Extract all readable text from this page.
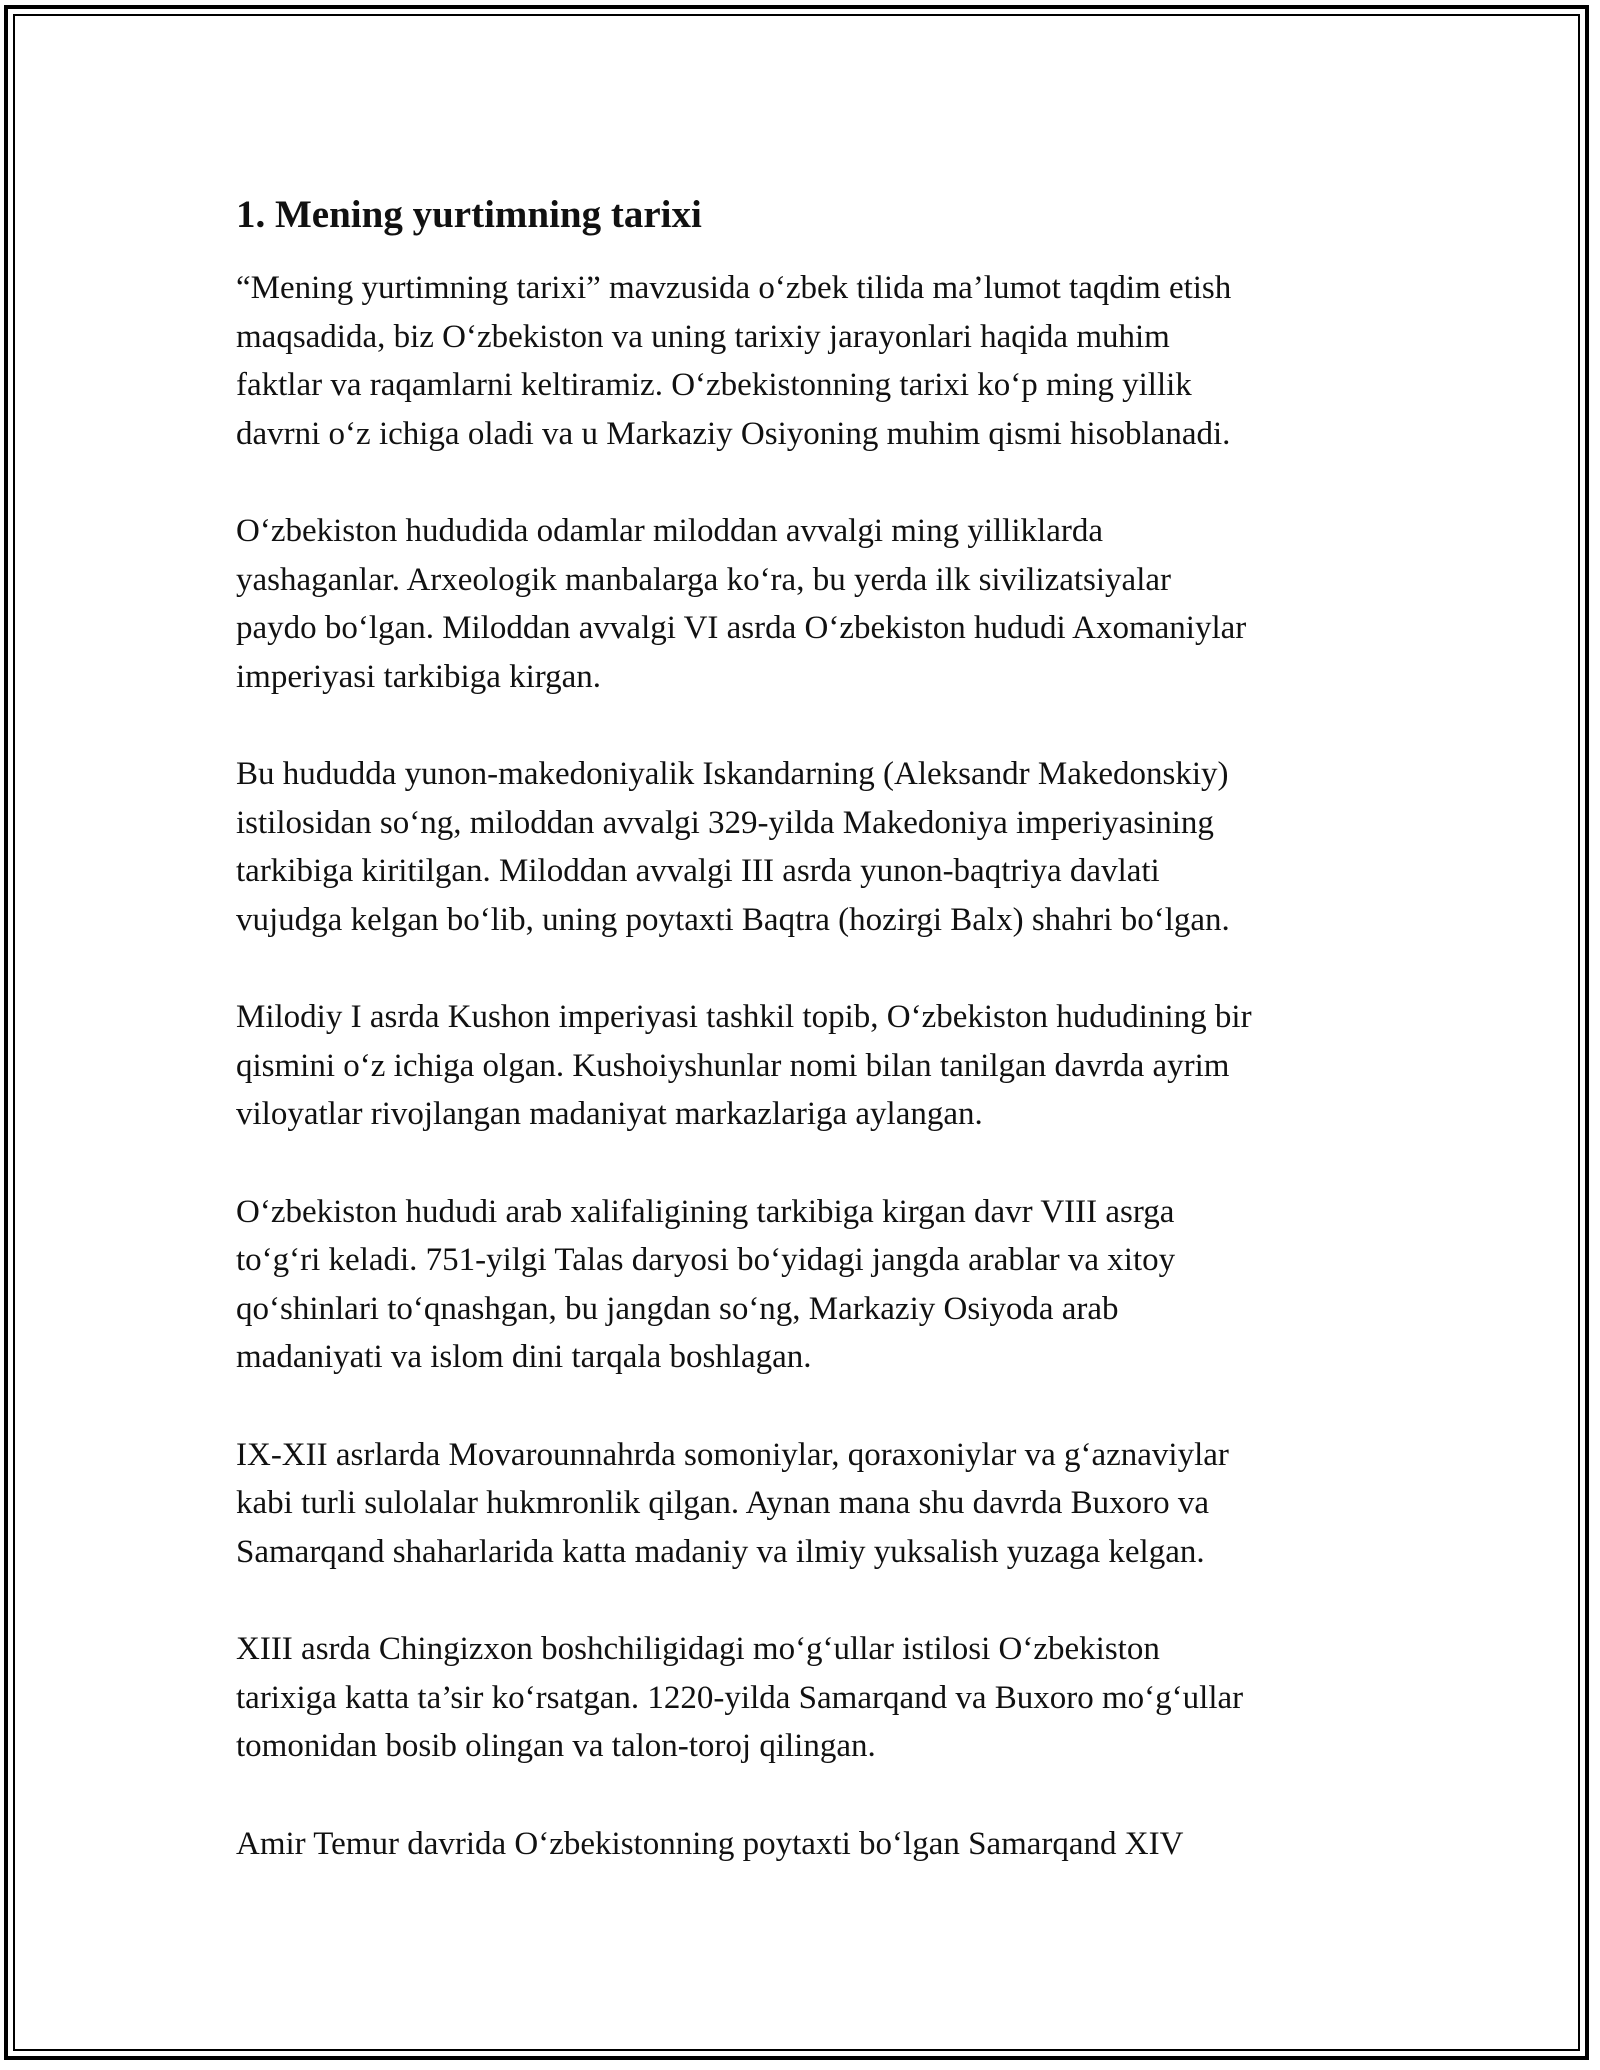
1. Mening yurtimning tarixi

“Mening yurtimning tarixi” mavzusida o‘zbek tilida ma’lumot taqdim etish
maqsadida, biz O‘zbekiston va uning tarixiy jarayonlari haqida muhim
faktlar va raqamlarni keltiramiz. O‘zbekistonning tarixi ko‘p ming yillik
davrni o‘z ichiga oladi va u Markaziy Osiyoning muhim qismi hisoblanadi.

O‘zbekiston hududida odamlar miloddan avvalgi ming yilliklarda
yashaganlar. Arxeologik manbalarga ko‘ra, bu yerda ilk sivilizatsiyalar
paydo bo‘lgan. Miloddan avvalgi VI asrda O‘zbekiston hududi Axomaniylar
imperiyasi tarkibiga kirgan.

Bu hududda yunon-makedoniyalik Iskandarning (Aleksandr Makedonskiy)
istilosidan so‘ng, miloddan avvalgi 329-yilda Makedoniya imperiyasining
tarkibiga kiritilgan. Miloddan avvalgi III asrda yunon-baqtriya davlati
vujudga kelgan bo‘lib, uning poytaxti Baqtra (hozirgi Balx) shahri bo‘lgan.

Milodiy I asrda Kushon imperiyasi tashkil topib, O‘zbekiston hududining bir
qismini o‘z ichiga olgan. Kushoiyshunlar nomi bilan tanilgan davrda ayrim
viloyatlar rivojlangan madaniyat markazlariga aylangan.

O‘zbekiston hududi arab xalifaligining tarkibiga kirgan davr VIII asrga
to‘g‘ri keladi. 751-yilgi Talas daryosi bo‘yidagi jangda arablar va xitoy
qo‘shinlari to‘qnashgan, bu jangdan so‘ng, Markaziy Osiyoda arab
madaniyati va islom dini tarqala boshlagan.

IX-XII asrlarda Movarounnahrda somoniylar, qoraxoniylar va g‘aznaviylar
kabi turli sulolalar hukmronlik qilgan. Aynan mana shu davrda Buxoro va
Samarqand shaharlarida katta madaniy va ilmiy yuksalish yuzaga kelgan.

XIII asrda Chingizxon boshchiligidagi mo‘g‘ullar istilosi O‘zbekiston
tarixiga katta ta’sir ko‘rsatgan. 1220-yilda Samarqand va Buxoro mo‘g‘ullar
tomonidan bosib olingan va talon-toroj qilingan.

Amir Temur davrida O‘zbekistonning poytaxti bo‘lgan Samarqand XIV
